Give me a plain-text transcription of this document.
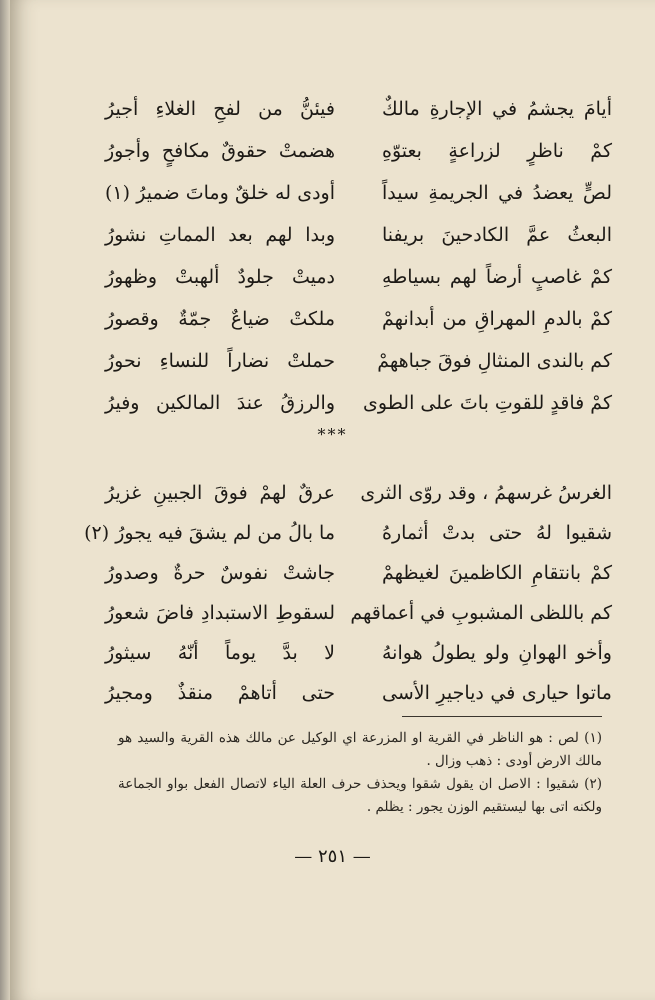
أيامَ يجشمُ في الإجارةِ مالكٌ
فيئنُّ من لفحِ الغلاءِ أجيرُ
كمْ ناظرٍ لزراعةٍ بعتوّهِ
هضمتْ حقوقٌ مكافحٍ وأجورُ
لصٍّ يعضدُ في الجريمةِ سيداً
أودى له خلقٌ وماتَ ضميرُ (١)
البعثُ عمَّ الكادحينَ بريفنا
وبدا لهم بعد المماتِ نشورُ
كمْ غاصبٍ أرضاً لهم بسياطهِ
دميتْ جلودٌ ألهبتْ وظهورُ
كمْ بالدمِ المهراقِ من أبدانهمْ
ملكتْ ضياعٌ جمّةٌ وقصورُ
كم بالندى المنثالِ فوقَ جباههمْ
حملتْ نضاراً للنساءِ نحورُ
كمْ فاقدٍ للقوتِ باتَ على الطوى
والرزقُ عندَ المالكين وفيرُ
***
الغرسُ غرسهمُ ، وقد روّى الثرى
عرقٌ لهمْ فوقَ الجبينِ غزيرُ
شقيوا لهُ حتى بدتْ أثمارهُ
ما بالُ من لم يشقَ فيه يجورُ (٢)
كمْ بانتقامِ الكاظمينَ لغيظهمْ
جاشتْ نفوسٌ حرةٌ وصدورُ
كم باللظى المشبوبِ في أعماقهم
لسقوطِ الاستبدادِ فاضَ شعورُ
وأخو الهوانِ ولو يطولُ هوانهُ
لا بدَّ يوماً أنّهُ سيثورُ
ماتوا حيارى في دياجيرِ الأسى
حتى أتاهمْ منقذٌ ومجيرُ

(١) لص : هو الناظر في القرية او المزرعة اي الوكيل عن مالك هذه القرية والسيد هو مالك الارض أودى : ذهب وزال .

(٢) شقيوا : الاصل ان يقول شقوا ويحذف حرف العلة الياء لاتصال الفعل بواو الجماعة ولكنه اتى بها ليستقيم الوزن يجور : يظلم .

— ٢٥١ —
